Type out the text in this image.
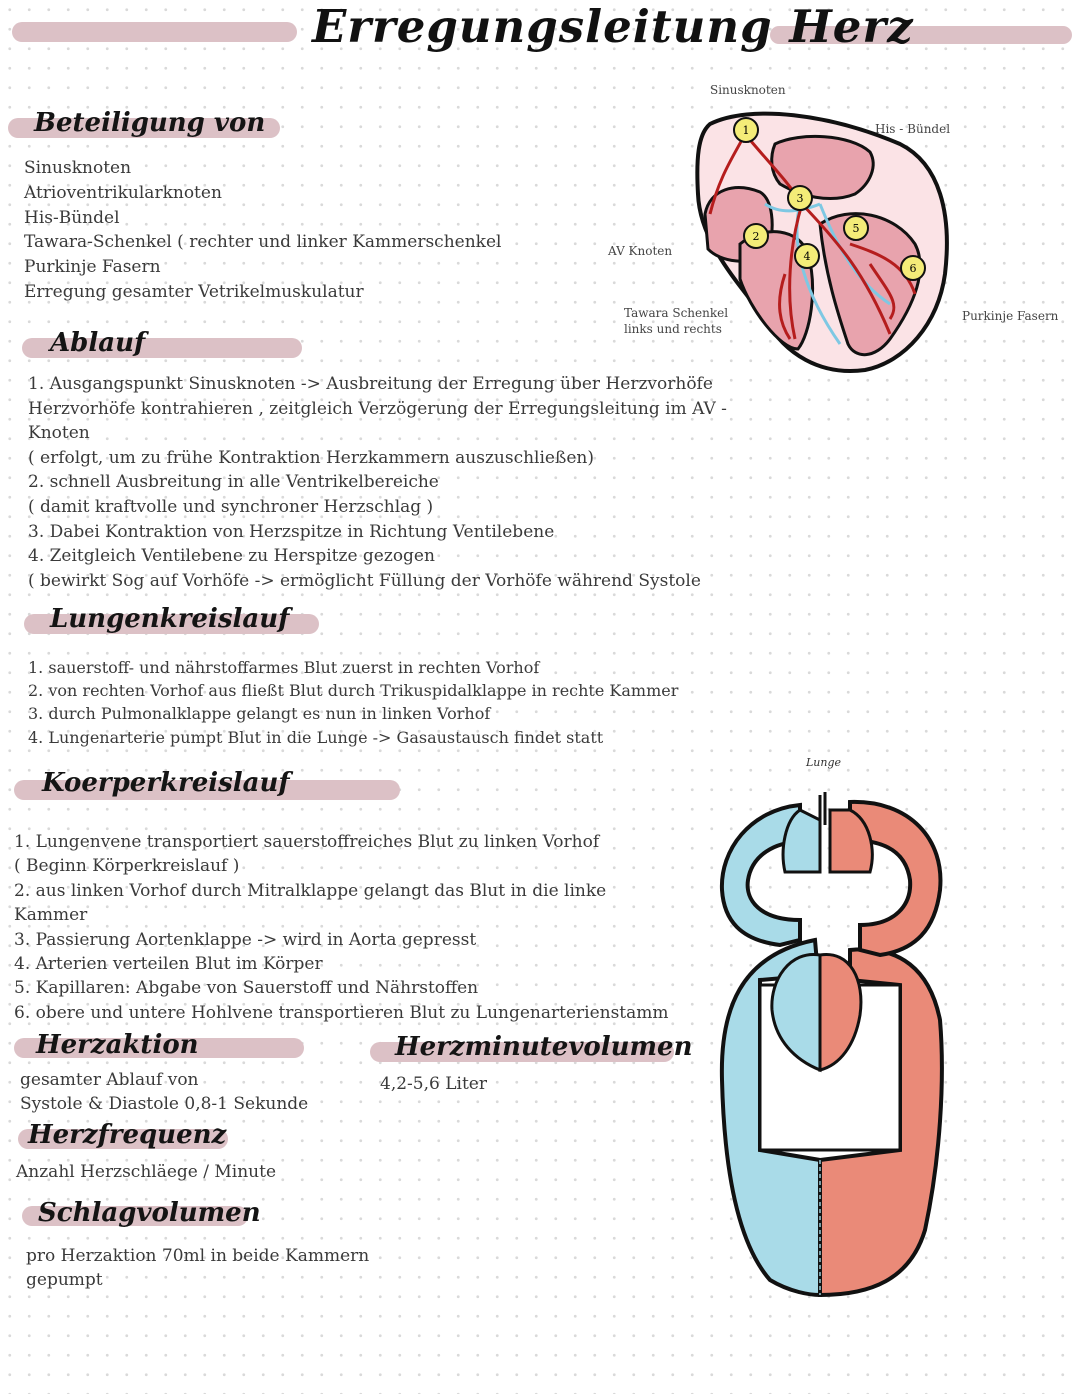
Erregungsleitung Herz
Beteiligung von
Sinusknoten
Atrioventrikularknoten
His-Bündel
Tawara-Schenkel ( rechter und linker Kammerschenkel
Purkinje Fasern
Erregung gesamter Vetrikelmuskulatur
Ablauf
1. Ausgangspunkt Sinusknoten -> Ausbreitung der Erregung über Herzvorhöfe
Herzvorhöfe kontrahieren , zeitgleich Verzögerung der Erregungsleitung im AV -
Knoten
( erfolgt, um zu frühe Kontraktion Herzkammern auszuschließen)
2. schnell Ausbreitung in alle Ventrikelbereiche
( damit kraftvolle und synchroner Herzschlag )
3. Dabei Kontraktion von Herzspitze in Richtung Ventilebene
4. Zeitgleich Ventilebene zu Herspitze gezogen
( bewirkt Sog auf Vorhöfe -> ermöglicht Füllung der Vorhöfe während Systole
Lungenkreislauf
1. sauerstoff- und nährstoffarmes Blut zuerst in rechten Vorhof
2. von rechten Vorhof aus fließt Blut durch Trikuspidalklappe in rechte Kammer
3. durch Pulmonalklappe gelangt es nun in linken Vorhof
4. Lungenarterie pumpt Blut in die Lunge -> Gasaustausch findet statt
Koerperkreislauf
1. Lungenvene transportiert sauerstoffreiches Blut zu linken Vorhof
( Beginn Körperkreislauf )
2. aus linken Vorhof durch Mitralklappe gelangt das Blut in die linke
Kammer
3. Passierung Aortenklappe -> wird in Aorta gepresst
4. Arterien verteilen Blut im Körper
5. Kapillaren: Abgabe von Sauerstoff und Nährstoffen
6. obere und untere Hohlvene transportieren Blut zu Lungenarterienstamm
Herzaktion
gesamter Ablauf von
Systole & Diastole 0,8-1 Sekunde
Herzminutevolumen
4,2-5,6 Liter
Herzfrequenz
Anzahl Herzschläege / Minute
Schlagvolumen
pro Herzaktion 70ml in beide Kammern
gepumpt
Sinusknoten
His - Bündel
AV Knoten
Tawara Schenkel
links und rechts
Purkinje Fasern
1
2
3
4
5
6
Lunge
